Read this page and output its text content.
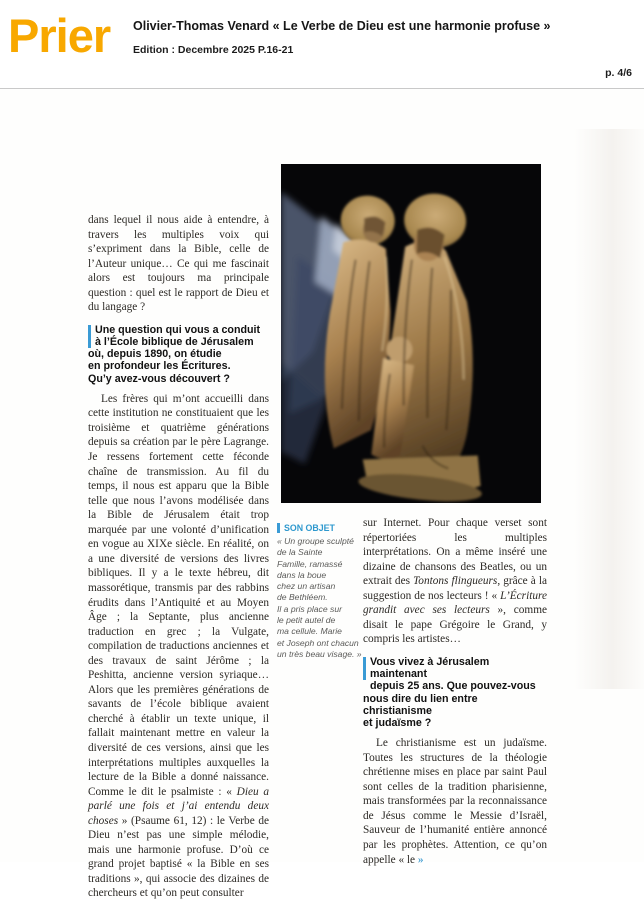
Prier Olivier-Thomas Venard « Le Verbe de Dieu est une harmonie profuse »
Edition : Decembre 2025 P.16-21
p. 4/6

dans lequel il nous aide à entendre, à travers les multiples voix qui s’expriment dans la Bible, celle de l’Auteur unique… Ce qui me fascinait alors est toujours ma principale question : quel est le rapport de Dieu et du langage ?

Une question qui vous a conduit
à l’École biblique de Jérusalem
où, depuis 1890, on étudie
en profondeur les Écritures.
Qu’y avez-vous découvert ?

Les frères qui m’ont accueilli dans cette institution ne constituaient que les troisième et quatrième générations depuis sa création par le père Lagrange. Je ressens fortement cette féconde chaîne de transmission. Au fil du temps, il nous est apparu que la Bible telle que nous l’avons modélisée dans la Bible de Jérusalem était trop marquée par une volonté d’unification en vogue au XIXe siècle. En réalité, on a une diversité de versions des livres bibliques. Il y a le texte hébreu, dit massorétique, transmis par des rabbins érudits dans l’Antiquité et au Moyen Âge ; la Septante, plus ancienne traduction en grec ; la Vulgate, compilation de traductions anciennes et des travaux de saint Jérôme ; la Peshitta, ancienne version syriaque… Alors que les premières générations de savants de l’école biblique avaient cherché à établir un texte unique, il fallait maintenant mettre en valeur la diversité de ces versions, ainsi que les interprétations multiples auxquelles la lecture de la Bible a donné naissance. Comme le dit le psalmiste : « Dieu a parlé une fois et j’ai entendu deux choses » (Psaume 61, 12) : le Verbe de Dieu n’est pas une simple mélodie, mais une harmonie profuse. D’où ce grand projet baptisé « la Bible en ses traditions », qui associe des dizaines de chercheurs et qu’on peut consulter

SON OBJET
« Un groupe sculpté
de la Sainte
Famille, ramassé
dans la boue
chez un artisan
de Bethléem.
Il a pris place sur
le petit autel de
ma cellule. Marie
et Joseph ont chacun
un très beau visage. »

sur Internet. Pour chaque verset sont répertoriées les multiples interprétations. On a même inséré une dizaine de chansons des Beatles, ou un extrait des Tontons flingueurs, grâce à la suggestion de nos lecteurs ! « L’Écriture grandit avec ses lecteurs », comme disait le pape Grégoire le Grand, y compris les artistes…

Vous vivez à Jérusalem maintenant
depuis 25 ans. Que pouvez-vous
nous dire du lien entre christianisme
et judaïsme ?

Le christianisme est un judaïsme. Toutes les structures de la théologie chrétienne mises en place par saint Paul sont celles de la tradition pharisienne, mais transformées par la reconnaissance de Jésus comme le Messie d’Israël, Sauveur de l’humanité entière annoncé par les prophètes. Attention, ce qu’on appelle « le »
